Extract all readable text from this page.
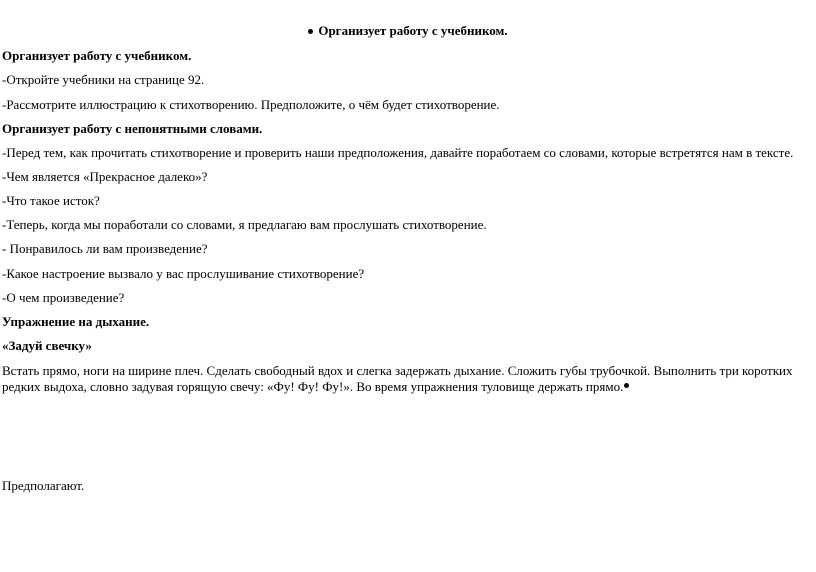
Организует работу с учебником.
Организует работу с учебником.
-Откройте учебники на странице 92.
-Рассмотрите иллюстрацию к стихотворению. Предположите, о чём будет стихотворение.
Организует работу с непонятными словами.
-Перед тем, как прочитать стихотворение и проверить наши предположения, давайте поработаем со словами, которые встретятся нам в тексте.
-Чем является «Прекрасное далеко»?
-Что такое исток?
-Теперь, когда мы поработали со словами, я предлагаю вам прослушать стихотворение.
- Понравилось ли вам произведение?
-Какое настроение вызвало у вас прослушивание стихотворение?
-О чем произведение?
Упражнение на дыхание.
«Задуй свечку»
Встать прямо, ноги на ширине плеч. Сделать свободный вдох и слегка задержать дыхание. Сложить губы трубочкой. Выполнить три коротких редких выдоха, словно задувая горящую свечу: «Фу! Фу! Фу!». Во время упражнения туловище держать прямо.
Предполагают.
